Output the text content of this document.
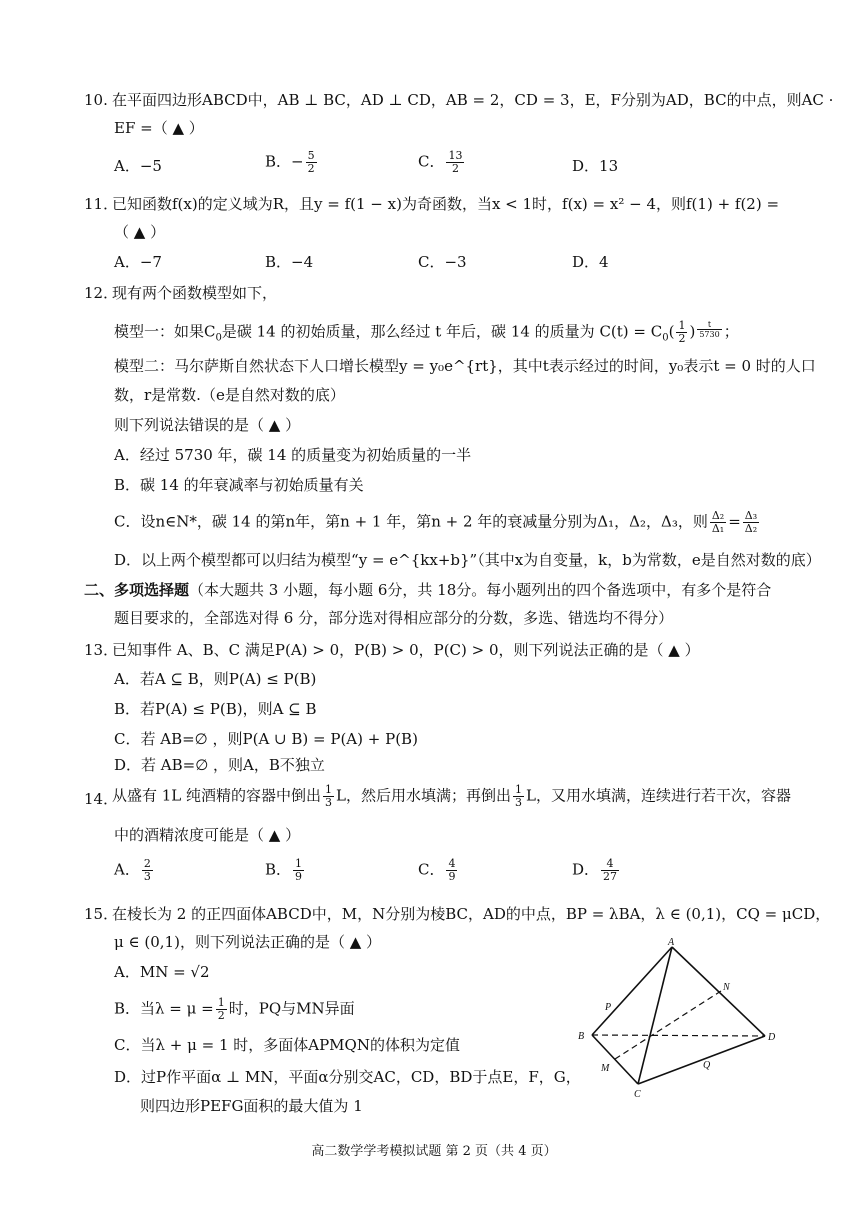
10. 在平面四边形ABCD中，AB ⊥ BC，AD ⊥ CD，AB = 2，CD = 3，E，F分别为AD，BC的中点，则AC ·
EF =（ ▲ ）
A．−5	B．− $\frac{5}{2}$	C． $\frac{13}{2}$	D．13
11．
已知函数f(x)的定义域为R，且y = f(1 − x)为奇函数，当x < 1时，f(x) = x² − 4，则f(1) + f(2) =
（ ▲ ）
A．−7	B．−4	C．−3	D．4
12．
现有两个函数模型如下，
模型一：如果$C_0$是碳 14 的初始质量，那么经过 t 年后，碳 14 的质量为 $C(t) = C_0( \frac{1}{2}$ ) $\frac{t}{5730}$ ；
模型二：马尔萨斯自然状态下人口增长模型y = y₀e^{rt}，其中t表示经过的时间，y₀表示t = 0 时的人口
数，r是常数.（e是自然对数的底）
则下列说法错误的是（ ▲ ）
A．经过 5730 年，碳 14 的质量变为初始质量的一半
B．碳 14 的年衰减率与初始质量有关
C．设n∈N*，碳 14 的第n年，第n + 1 年，第n + 2 年的衰减量分别为Δ₁，Δ₂，Δ₃，则 $\frac{\text{Δ₂}}{\text{Δ₁}} = \frac{\text{Δ₃}}{\text{Δ₂}}$
D．以上两个模型都可以归结为模型“y = e^{kx+b}”（其中x为自变量，k，b为常数，e是自然对数的底）
二、多项选择题（本大题共 3 小题，每小题 6分，共 18分。每小题列出的四个备选项中，有多个是符合
题目要求的，全部选对得 6 分，部分选对得相应部分的分数，多选、错选均不得分）
13．
已知事件 A、B、C 满足P(A) > 0，P(B) > 0，P(C) > 0，则下列说法正确的是（ ▲ ）
A．若A ⊆ B，则P(A) ≤ P(B)
B．若P(A) ≤ P(B)，则A ⊆ B
C．若 AB=∅ ，则P(A ∪ B) = P(A) + P(B)
D．若 AB=∅ ，则A，B不独立
14．
从盛有 1L 纯酒精的容器中倒出 $\frac{1}{3}$ L，然后用水填满；再倒出 $\frac{1}{3}$ L，又用水填满，连续进行若干次，容器
中的酒精浓度可能是（ ▲ ）
A． $\frac{2}{3}$	B． $\frac{1}{9}$	C． $\frac{4}{9}$	D． $\frac{4}{27}$
15．
在棱长为 2 的正四面体ABCD中，M，N分别为棱BC，AD的中点，BP = λBA，λ ∈ (0,1)，CQ = μCD，
μ ∈ (0,1)，则下列说法正确的是（ ▲ ）
A．MN = √2
B．当$\lambda = \mu = \frac{1}{2}$ 时，PQ与MN异面
C．当λ + μ = 1 时，多面体APMQN的体积为定值
D．过P作平面α ⊥ MN，平面α分别交AC，CD，BD于点E，F，G，
则四边形PEFG面积的最大值为 1
A
B
C
D
M
N
P
Q
高二数学学考模拟试题 第 2 页（共 4 页）
